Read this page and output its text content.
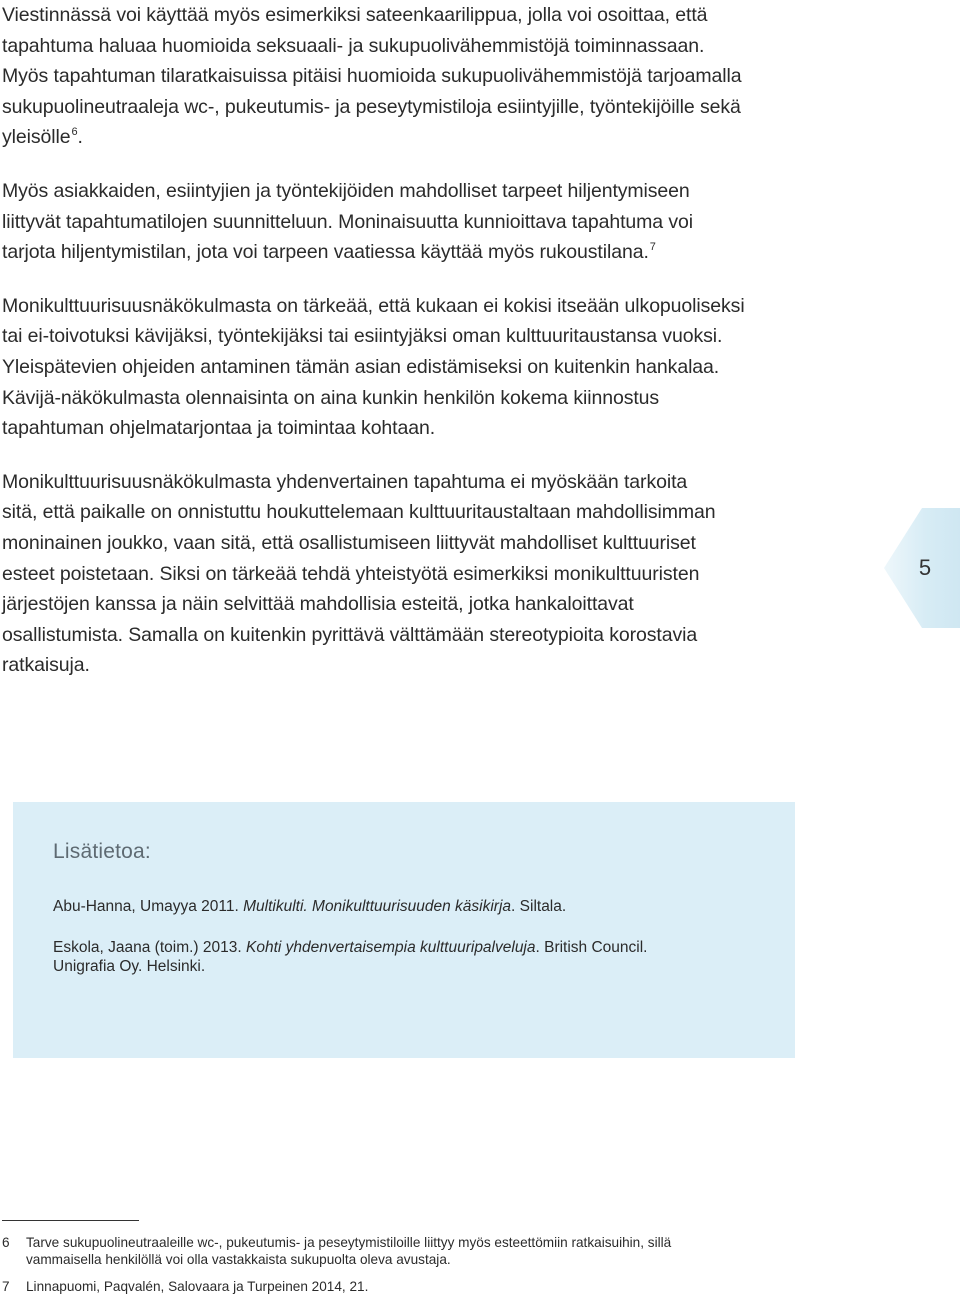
Viestinnässä voi käyttää myös esimerkiksi sateenkaarilippua, jolla voi osoittaa, että
tapahtuma haluaa huomioida seksuaali- ja sukupuolivähemmistöjä toiminnassaan.
Myös tapahtuman tilaratkaisuissa pitäisi huomioida sukupuolivähemmistöjä tarjoamalla
sukupuolineutraaleja wc-, pukeutumis- ja peseytymistiloja esiintyjille, työntekijöille sekä
yleisölle$^6$.

Myös asiakkaiden, esiintyjien ja työntekijöiden mahdolliset tarpeet hiljentymiseen
liittyvät tapahtumatilojen suunnitteluun. Moninaisuutta kunnioittava tapahtuma voi
tarjota hiljentymistilan, jota voi tarpeen vaatiessa käyttää myös rukoustilana.$^7$

Monikulttuurisuusnäkökulmasta on tärkeää, että kukaan ei kokisi itseään ulkopuoliseksi
tai ei-toivotuksi kävijäksi, työntekijäksi tai esiintyjäksi oman kulttuuritaustansa vuoksi.
Yleispätevien ohjeiden antaminen tämän asian edistämiseksi on kuitenkin hankalaa.
Kävijä-näkökulmasta olennaisinta on aina kunkin henkilön kokema kiinnostus
tapahtuman ohjelmatarjontaa ja toimintaa kohtaan.

Monikulttuurisuusnäkökulmasta yhdenvertainen tapahtuma ei myöskään tarkoita
sitä, että paikalle on onnistuttu houkuttelemaan kulttuuritaustaltaan mahdollisimman
moninainen joukko, vaan sitä, että osallistumiseen liittyvät mahdolliset kulttuuriset
esteet poistetaan. Siksi on tärkeää tehdä yhteistyötä esimerkiksi monikulttuuristen
järjestöjen kanssa ja näin selvittää mahdollisia esteitä, jotka hankaloittavat
osallistumista. Samalla on kuitenkin pyrittävä välttämään stereotypioita korostavia
ratkaisuja.

5
Lisätietoa:
Abu-Hanna, Umayya 2011. Multikulti. Monikulttuurisuuden käsikirja. Siltala.
Eskola, Jaana (toim.) 2013. Kohti yhdenvertaisempia kulttuuripalveluja. British Council.
Unigrafia Oy. Helsinki.
6	Tarve sukupuolineutraaleille wc-, pukeutumis- ja peseytymistiloille liittyy myös esteettömiin ratkaisuihin, sillä
vammaisella henkilöllä voi olla vastakkaista sukupuolta oleva avustaja.
7	Linnapuomi, Paqvalén, Salovaara ja Turpeinen 2014, 21.
